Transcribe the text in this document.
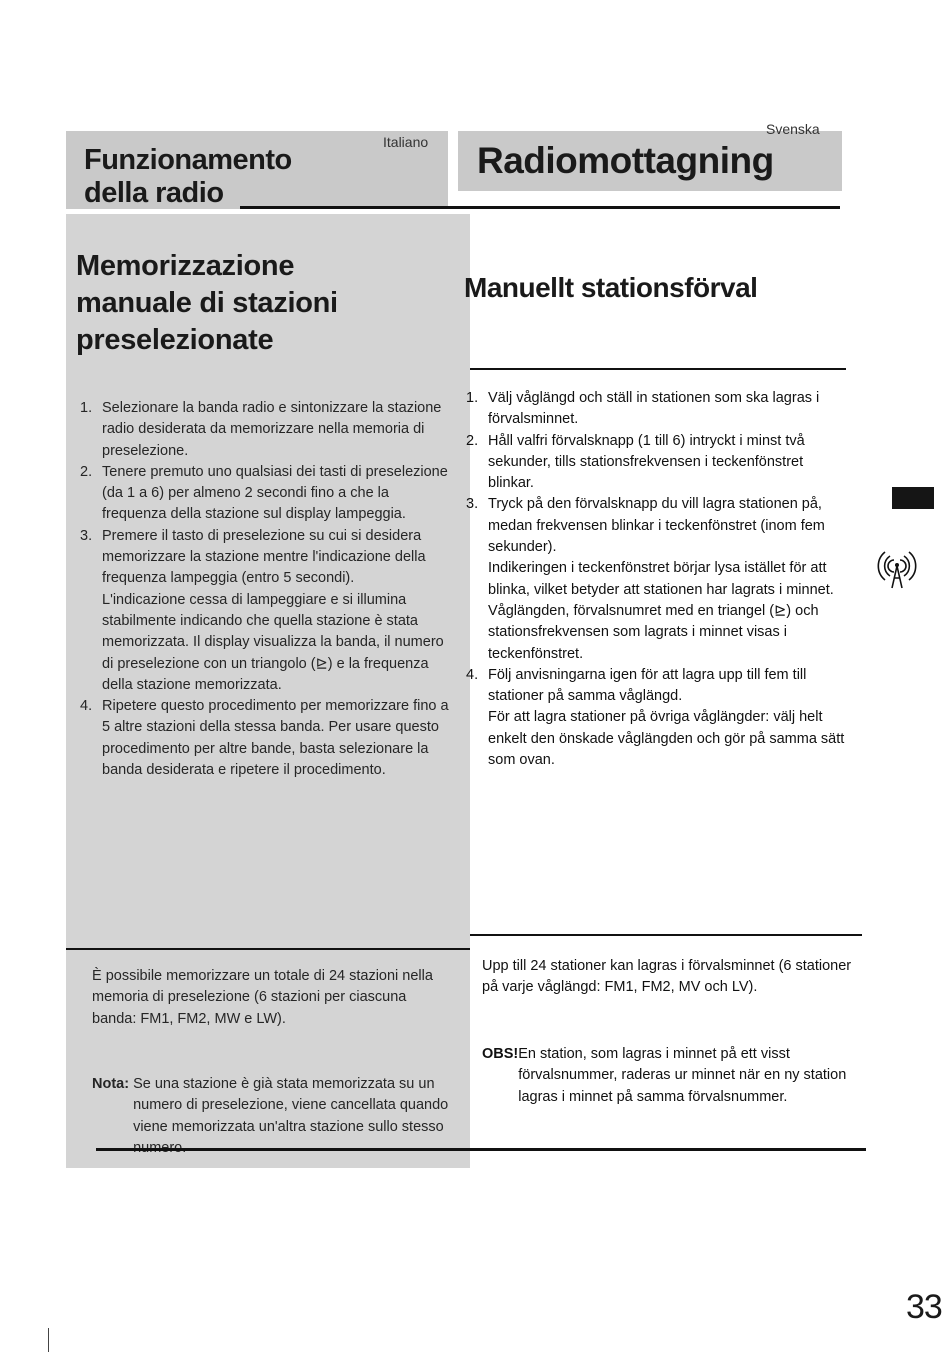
Funzionamento
della radio
Italiano
Svenska
Radiomottagning
Memorizzazione
manuale di stazioni
preselezionate
1. Selezionare la banda radio e sintonizzare la stazione radio desiderata da memorizzare nella memoria di preselezione.
2. Tenere premuto uno qualsiasi dei tasti di preselezione (da 1 a 6) per almeno 2 secondi fino a che la frequenza della stazione sul display lampeggia.
3. Premere il tasto di preselezione su cui si desidera memorizzare la stazione mentre l'indicazione della frequenza lampeggia (entro 5 secondi).
L'indicazione cessa di lampeggiare e si illumina stabilmente indicando che quella stazione è stata memorizzata. Il display visualizza la banda, il numero di preselezione con un triangolo (⊵) e la frequenza della stazione memorizzata.
4. Ripetere questo procedimento per memorizzare fino a 5 altre stazioni della stessa banda. Per usare questo procedimento per altre bande, basta selezionare la banda desiderata e ripetere il procedimento.
È possibile memorizzare un totale di 24 stazioni nella memoria di preselezione (6 stazioni per ciascuna banda: FM1, FM2, MW e LW).
Nota: Se una stazione è già stata memorizzata su un numero di preselezione, viene cancellata quando viene memorizzata un'altra stazione sullo stesso
Manuellt stationsförval
1. Välj våglängd och ställ in stationen som ska lagras i förvalsminnet.
2. Håll valfri förvalsknapp (1 till 6) intryckt i minst två sekunder, tills stationsfrekvensen i teckenfönstret blinkar.
3. Tryck på den förvalsknapp du vill lagra stationen på, medan frekvensen blinkar i teckenfönstret (inom fem sekunder).
Indikeringen i teckenfönstret börjar lysa istället för att blinka, vilket betyder att stationen har lagrats i minnet. Våglängden, förvalsnumret med en triangel (⊵) och stationsfrekvensen som lagrats i minnet visas i teckenfönstret.
4. Följ anvisningarna igen för att lagra upp till fem till stationer på samma våglängd.
För att lagra stationer på övriga våglängder: välj helt enkelt den önskade våglängden och gör på samma sätt som ovan.
Upp till 24 stationer kan lagras i förvalsminnet (6 stationer på varje våglängd: FM1, FM2, MV och LV).
OBS! En station, som lagras i minnet på ett visst förvalsnummer, raderas ur minnet när en ny station lagras i minnet på samma förvalsnummer.
33
